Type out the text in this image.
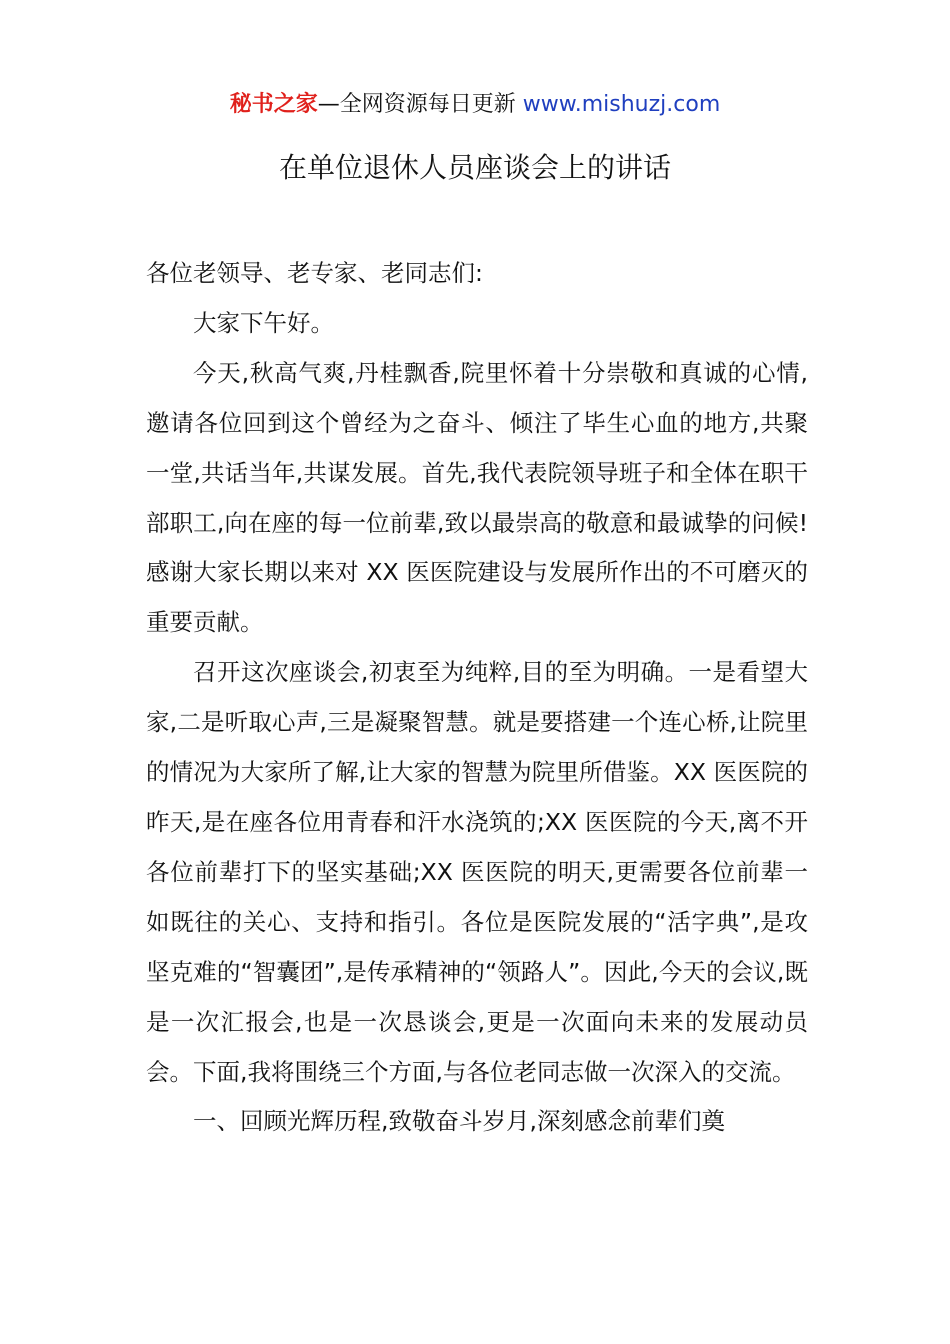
秘书之家—全网资源每日更新 www.mishuzj.com
在单位退休人员座谈会上的讲话

各位老领导、老专家、老同志们:

大家下午好。

今天,秋高气爽,丹桂飘香,院里怀着十分崇敬和真诚的心情,邀请各位回到这个曾经为之奋斗、倾注了毕生心血的地方,共聚一堂,共话当年,共谋发展。首先,我代表院领导班子和全体在职干部职工,向在座的每一位前辈,致以最崇高的敬意和最诚挚的问候!感谢大家长期以来对 XX 医医院建设与发展所作出的不可磨灭的重要贡献。

召开这次座谈会,初衷至为纯粹,目的至为明确。一是看望大家,二是听取心声,三是凝聚智慧。就是要搭建一个连心桥,让院里的情况为大家所了解,让大家的智慧为院里所借鉴。XX 医医院的昨天,是在座各位用青春和汗水浇筑的;XX 医医院的今天,离不开各位前辈打下的坚实基础;XX 医医院的明天,更需要各位前辈一如既往的关心、支持和指引。各位是医院发展的“活字典”,是攻坚克难的“智囊团”,是传承精神的“领路人”。因此,今天的会议,既是一次汇报会,也是一次恳谈会,更是一次面向未来的发展动员会。下面,我将围绕三个方面,与各位老同志做一次深入的交流。

一、回顾光辉历程,致敬奋斗岁月,深刻感念前辈们奠
